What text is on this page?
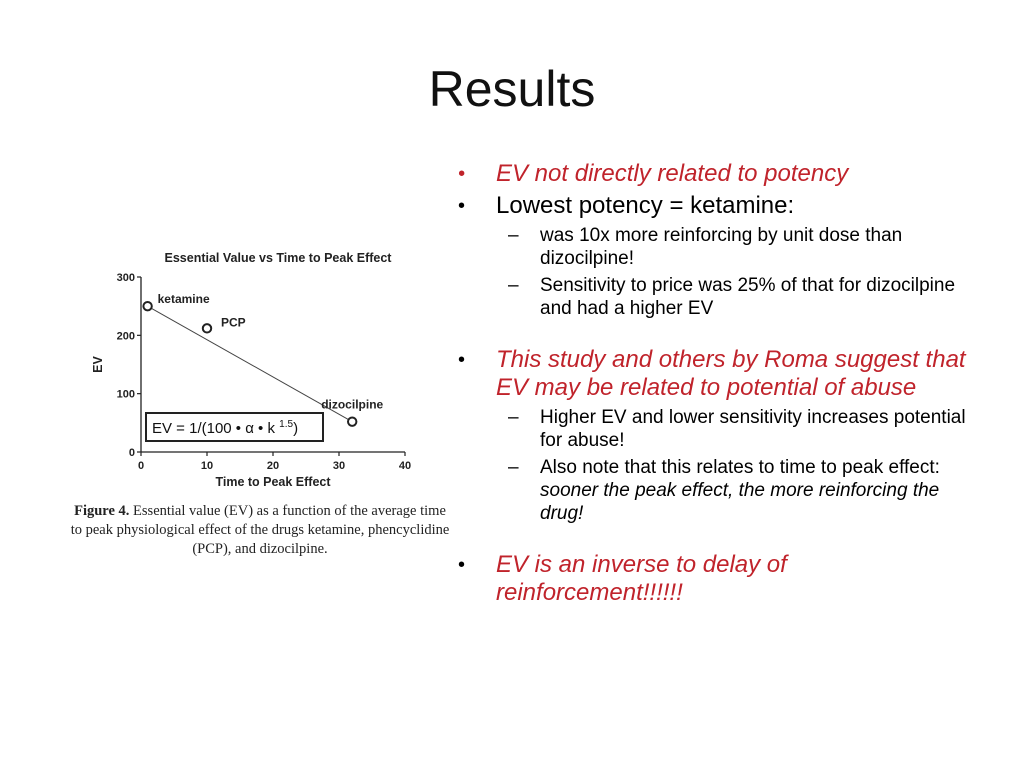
Results
Essential Value vs Time to Peak Effect
0
100
200
300
0	10	20	30	40
Time to Peak Effect
EV
ketamine
PCP
dizocilpine
EV = 1/(100 • α • k $^{1.5}$)
Figure 4. Essential value (EV) as a function of the average time to peak physiological effect of the drugs ketamine, phencyclidine (PCP), and dizocilpine.

• EV not directly related to potency

• Lowest potency = ketamine:

– was 10x more reinforcing by unit dose than dizocilpine!

– Sensitivity to price was 25% of that for dizocilpine and had a higher EV

• This study and others by Roma suggest that EV may be related to potential of abuse

– Higher EV and lower sensitivity increases potential for abuse!

– Also note that this relates to time to peak effect: sooner the peak effect, the more reinforcing the drug!

• EV is an inverse to delay of reinforcement!!!!!!
